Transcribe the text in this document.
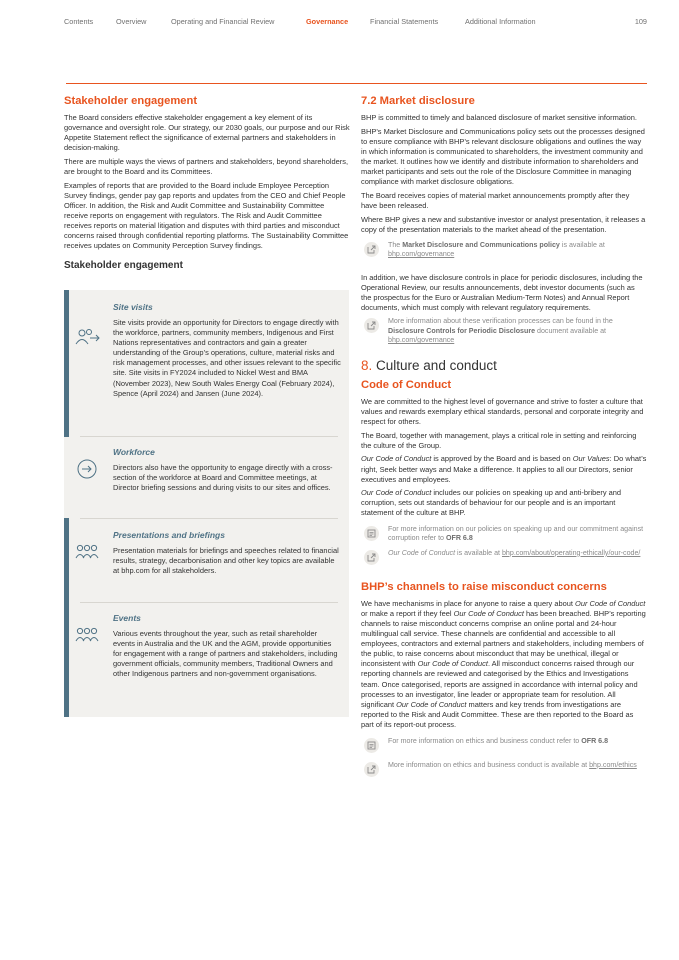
Contents	Overview	Operating and Financial Review	Governance	Financial Statements	Additional Information	109
Stakeholder engagement

The Board considers effective stakeholder engagement a key element of its governance and oversight role. Our strategy, our 2030 goals, our purpose and our Risk Appetite Statement reflect the significance of external partners and stakeholders in decision-making.

There are multiple ways the views of partners and stakeholders, beyond shareholders, are brought to the Board and its Committees.

Examples of reports that are provided to the Board include Employee Perception Survey findings, gender pay gap reports and updates from the CEO and Chief People Officer. In addition, the Risk and Audit Committee and Sustainability Committee receive reports on engagement with regulators. The Risk and Audit Committee receives reports on material litigation and disputes with third parties and misconduct concerns raised through confidential reporting platforms. The Sustainability Committee receives updates on Community Perception Survey findings.

Stakeholder engagement
Site visits

Site visits provide an opportunity for Directors to engage directly with the workforce, partners, community members, Indigenous and First Nations representatives and contractors and gain a greater understanding of the Group’s operations, culture, material risks and risk management processes, and other issues relevant to the specific site. Site visits in FY2024 included to Nickel West and BMA (November 2023), New South Wales Energy Coal (February 2024), Spence (April 2024) and Jansen (June 2024).

Workforce

Directors also have the opportunity to engage directly with a cross-section of the workforce at Board and Committee meetings, at Director briefing sessions and during visits to our sites and offices.

Presentations and briefings

Presentation materials for briefings and speeches related to financial results, strategy, decarbonisation and other key topics are available at bhp.com for all stakeholders.

Events

Various events throughout the year, such as retail shareholder events in Australia and the UK and the AGM, provide opportunities for engagement with a range of partners and stakeholders, including government officials, community members, Traditional Owners and other Indigenous partners and non-government organisations.

7.2 Market disclosure

BHP is committed to timely and balanced disclosure of market sensitive information.

BHP’s Market Disclosure and Communications policy sets out the processes designed to ensure compliance with BHP’s relevant disclosure obligations and outlines the way in which information is communicated to shareholders, the investment community and the market. It outlines how we identify and distribute information to shareholders and market participants and sets out the role of the Disclosure Committee in managing compliance with market disclosure obligations.

The Board receives copies of material market announcements promptly after they have been released.

Where BHP gives a new and substantive investor or analyst presentation, it releases a copy of the presentation materials to the market ahead of the presentation.

The Market Disclosure and Communications policy is available at bhp.com/governance

In addition, we have disclosure controls in place for periodic disclosures, including the Operational Review, our results announcements, debt investor documents (such as the prospectus for the Euro or Australian Medium-Term Notes) and Annual Report documents, which must comply with relevant regulatory requirements.

More information about these verification processes can be found in the Disclosure Controls for Periodic Disclosure document available at bhp.com/governance

8. Culture and conduct
Code of Conduct

We are committed to the highest level of governance and strive to foster a culture that values and rewards exemplary ethical standards, personal and corporate integrity and respect for others.

The Board, together with management, plays a critical role in setting and reinforcing the culture of the Group.

Our Code of Conduct is approved by the Board and is based on Our Values: Do what’s right, Seek better ways and Make a difference. It applies to all our Directors, senior executives and employees.

Our Code of Conduct includes our policies on speaking up and anti-bribery and corruption, sets out standards of behaviour for our people and is an important statement of the culture at BHP.

For more information on our policies on speaking up and our commitment against corruption refer to OFR 6.8

Our Code of Conduct is available at bhp.com/about/operating-ethically/our-code/

BHP’s channels to raise misconduct concerns

We have mechanisms in place for anyone to raise a query about Our Code of Conduct or make a report if they feel Our Code of Conduct has been breached. BHP’s reporting channels to raise misconduct concerns comprise an online portal and 24-hour multilingual call service. These channels are confidential and accessible to all employees, contractors and external partners and stakeholders, including members of the public, to raise concerns about misconduct that may be unethical, illegal or inconsistent with Our Code of Conduct. All misconduct concerns raised through our reporting channels are reviewed and categorised by the Ethics and Investigations team. Once categorised, reports are assigned in accordance with internal policy and processes to an investigator, line leader or appropriate team for resolution. All significant Our Code of Conduct matters and key trends from investigations are reported to the Risk and Audit Committee. These are then reported to the Board as part of its report-out process.

For more information on ethics and business conduct refer to OFR 6.8

More information on ethics and business conduct is available at bhp.com/ethics
